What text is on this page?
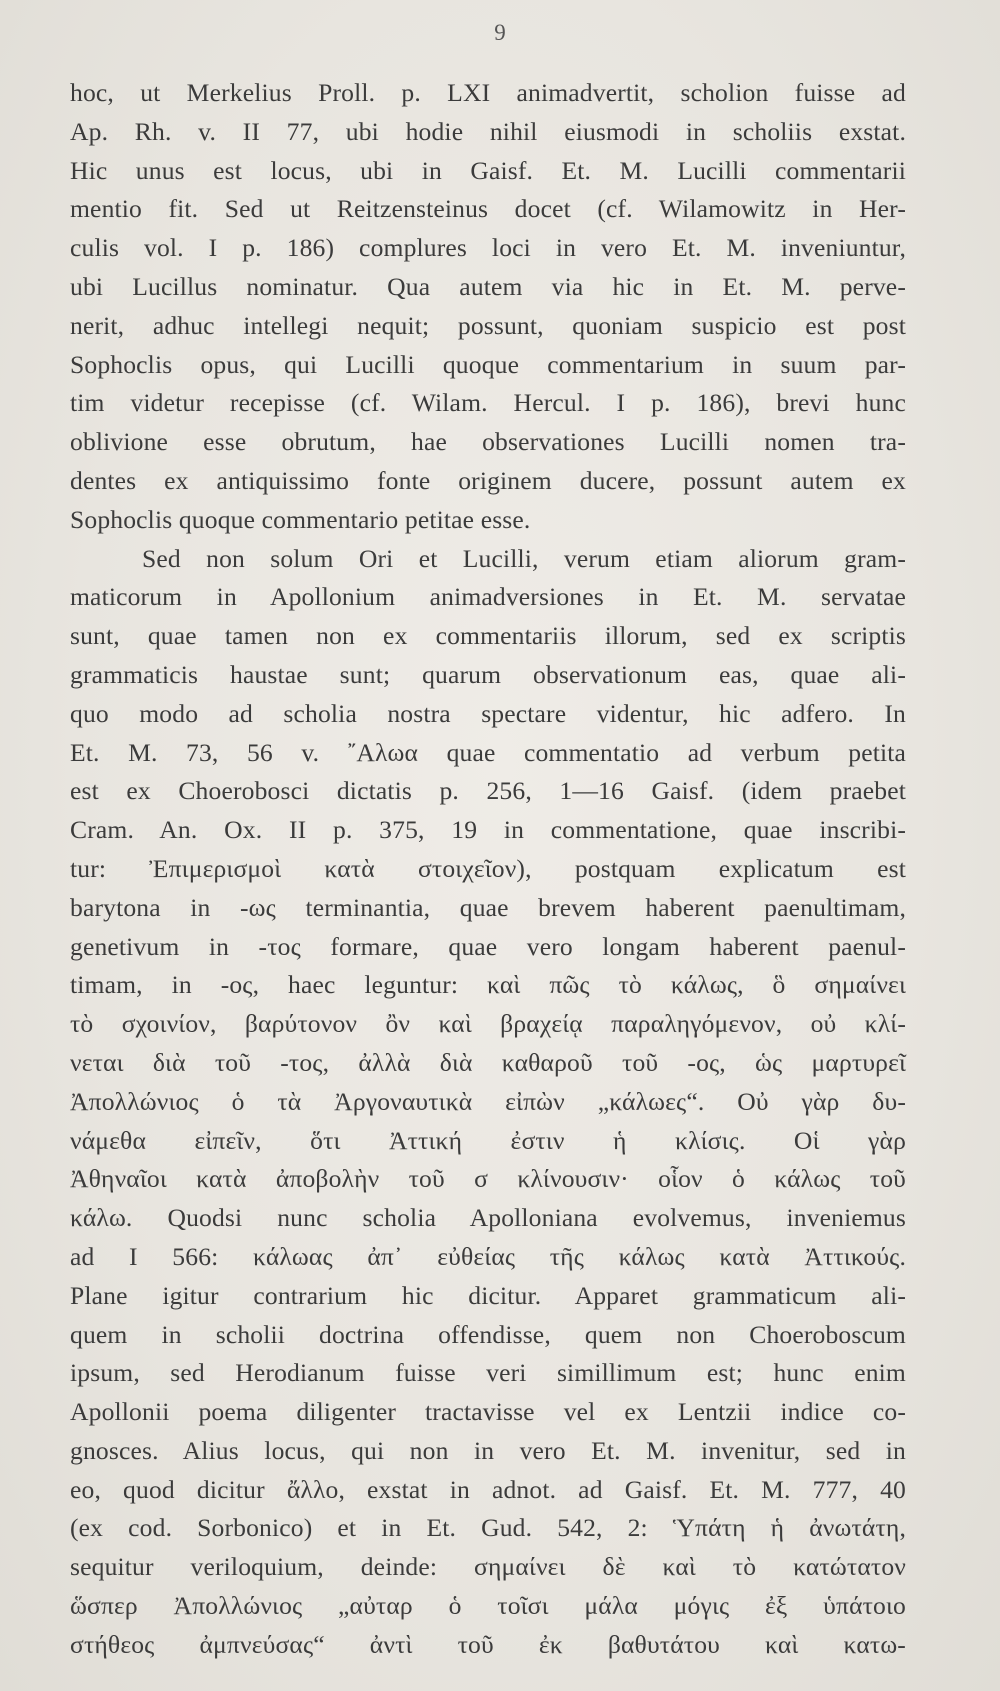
9
hoc, ut Merkelius Proll. p. LXI animadvertit, scholion fuisse ad
Ap. Rh. v. II 77, ubi hodie nihil eiusmodi in scholiis exstat.
Hic unus est locus, ubi in Gaisf. Et. M. Lucilli commentarii
mentio fit. Sed ut Reitzensteinus docet (cf. Wilamowitz in Her-
culis vol. I p. 186) complures loci in vero Et. M. inveniuntur,
ubi Lucillus nominatur. Qua autem via hic in Et. M. perve-
nerit, adhuc intellegi nequit; possunt, quoniam suspicio est post
Sophoclis opus, qui Lucilli quoque commentarium in suum par-
tim videtur recepisse (cf. Wilam. Hercul. I p. 186), brevi hunc
oblivione esse obrutum, hae observationes Lucilli nomen tra-
dentes ex antiquissimo fonte originem ducere, possunt autem ex
Sophoclis quoque commentario petitae esse.
Sed non solum Ori et Lucilli, verum etiam aliorum gram-
maticorum in Apollonium animadversiones in Et. M. servatae
sunt, quae tamen non ex commentariis illorum, sed ex scriptis
grammaticis haustae sunt; quarum observationum eas, quae ali-
quo modo ad scholia nostra spectare videntur, hic adfero. In
Et. M. 73, 56 v. ῎Αλωα quae commentatio ad verbum petita
est ex Choerobosci dictatis p. 256, 1—16 Gaisf. (idem praebet
Cram. An. Ox. II p. 375, 19 in commentatione, quae inscribi-
tur: Ἐπιμερισμοὶ κατὰ στοιχεῖον), postquam explicatum est
barytona in -ως terminantia, quae brevem haberent paenultimam,
genetivum in -τος formare, quae vero longam haberent paenul-
timam, in -ος, haec leguntur: καὶ πῶς τὸ κάλως, ὃ σημαίνει
τὸ σχοινίον, βαρύτονον ὂν καὶ βραχείᾳ παραληγόμενον, οὐ κλί-
νεται διὰ τοῦ -τος, ἀλλὰ διὰ καθαροῦ τοῦ -ος, ὡς μαρτυρεῖ
Ἀπολλώνιος ὁ τὰ Ἀργοναυτικὰ εἰπὼν „κάλωες“. Οὐ γὰρ δυ-
νάμεθα εἰπεῖν, ὅτι Ἀττική ἐστιν ἡ κλίσις. Οἱ γὰρ
Ἀθηναῖοι κατὰ ἀποβολὴν τοῦ σ κλίνουσιν· οἷον ὁ κάλως τοῦ
κάλω. Quodsi nunc scholia Apolloniana evolvemus, inveniemus
ad I 566: κάλωας ἀπ᾽ εὐθείας τῆς κάλως κατὰ Ἀττικούς.
Plane igitur contrarium hic dicitur. Apparet grammaticum ali-
quem in scholii doctrina offendisse, quem non Choeroboscum
ipsum, sed Herodianum fuisse veri simillimum est; hunc enim
Apollonii poema diligenter tractavisse vel ex Lentzii indice co-
gnosces. Alius locus, qui non in vero Et. M. invenitur, sed in
eo, quod dicitur ἄλλο, exstat in adnot. ad Gaisf. Et. M. 777, 40
(ex cod. Sorbonico) et in Et. Gud. 542, 2: Ὑπάτη ἡ ἀνωτάτη,
sequitur veriloquium, deinde: σημαίνει δὲ καὶ τὸ κατώτατον
ὥσπερ Ἀπολλώνιος „αὐταρ ὁ τοῖσι μάλα μόγις ἐξ ὑπάτοιο
στήθεος ἀμπνεύσας“ ἀντὶ τοῦ ἐκ βαθυτάτου καὶ κατω-
